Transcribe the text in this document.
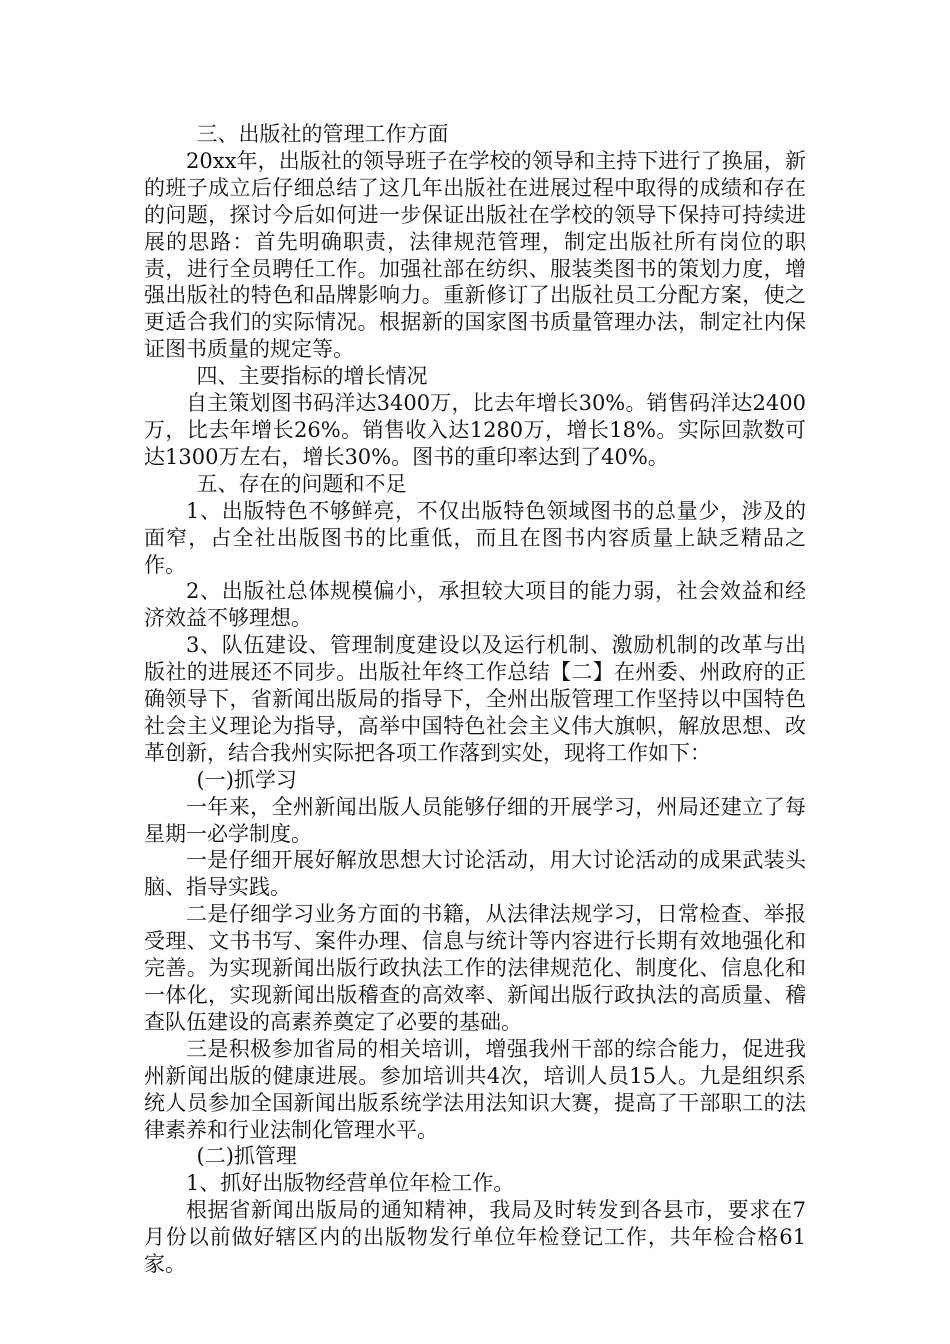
三、出版社的管理工作方面

20xx年，出版社的领导班子在学校的领导和主持下进行了换届，新的班子成立后仔细总结了这几年出版社在进展过程中取得的成绩和存在的问题，探讨今后如何进一步保证出版社在学校的领导下保持可持续进展的思路：首先明确职责，法律规范管理，制定出版社所有岗位的职责，进行全员聘任工作。加强社部在纺织、服装类图书的策划力度，增强出版社的特色和品牌影响力。重新修订了出版社员工分配方案，使之更适合我们的实际情况。根据新的国家图书质量管理办法，制定社内保证图书质量的规定等。

四、主要指标的增长情况

自主策划图书码洋达3400万，比去年增长30%。销售码洋达2400万，比去年增长26%。销售收入达1280万，增长18%。实际回款数可达1300万左右，增长30%。图书的重印率达到了40%。

五、存在的问题和不足

1、出版特色不够鲜亮，不仅出版特色领域图书的总量少，涉及的面窄，占全社出版图书的比重低，而且在图书内容质量上缺乏精品之作。

2、出版社总体规模偏小，承担较大项目的能力弱，社会效益和经济效益不够理想。

3、队伍建设、管理制度建设以及运行机制、激励机制的改革与出版社的进展还不同步。出版社年终工作总结【二】在州委、州政府的正确领导下，省新闻出版局的指导下，全州出版管理工作坚持以中国特色社会主义理论为指导，高举中国特色社会主义伟大旗帜，解放思想、改革创新，结合我州实际把各项工作落到实处，现将工作如下：

(一)抓学习

一年来，全州新闻出版人员能够仔细的开展学习，州局还建立了每星期一必学制度。

一是仔细开展好解放思想大讨论活动，用大讨论活动的成果武装头脑、指导实践。

二是仔细学习业务方面的书籍，从法律法规学习，日常检查、举报受理、文书书写、案件办理、信息与统计等内容进行长期有效地强化和完善。为实现新闻出版行政执法工作的法律规范化、制度化、信息化和一体化，实现新闻出版稽查的高效率、新闻出版行政执法的高质量、稽查队伍建设的高素养奠定了必要的基础。

三是积极参加省局的相关培训，增强我州干部的综合能力，促进我州新闻出版的健康进展。参加培训共4次，培训人员15人。九是组织系统人员参加全国新闻出版系统学法用法知识大赛，提高了干部职工的法律素养和行业法制化管理水平。

(二)抓管理

1、抓好出版物经营单位年检工作。

根据省新闻出版局的通知精神，我局及时转发到各县市，要求在7月份以前做好辖区内的出版物发行单位年检登记工作，共年检合格61家。
